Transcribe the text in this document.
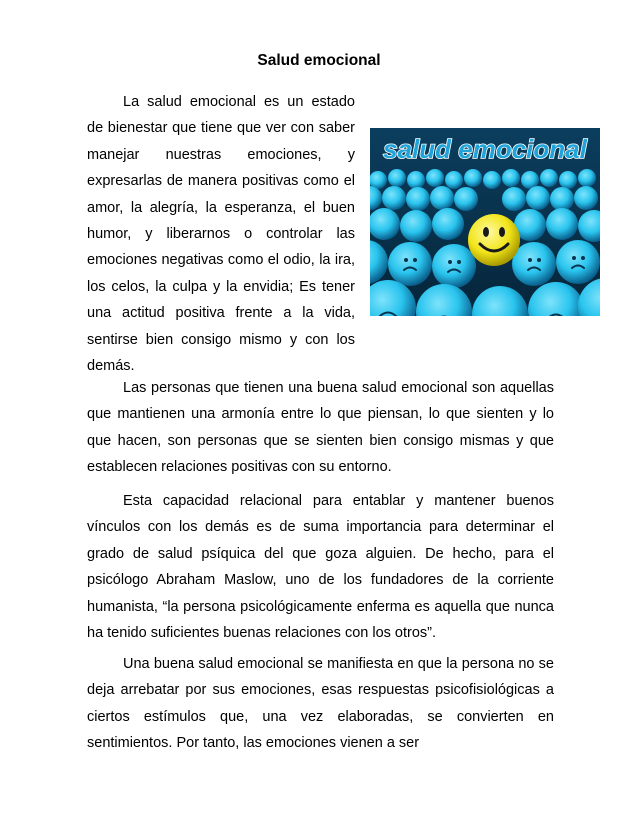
Salud emocional
La salud emocional es un estado de bienestar que tiene que ver con saber manejar nuestras emociones, y expresarlas de manera positivas como el amor, la alegría, la esperanza, el buen humor, y liberarnos o controlar las emociones negativas como el odio, la ira, los celos, la culpa y la envidia; Es tener una actitud positiva frente a la vida, sentirse bien consigo mismo y con los demás.
salud emocional
Las personas que tienen una buena salud emocional son aquellas que mantienen una armonía entre lo que piensan, lo que sienten y lo que hacen, son personas que se sienten bien consigo mismas y que establecen relaciones positivas con su entorno.
Esta capacidad relacional para entablar y mantener buenos vínculos con los demás es de suma importancia para determinar el grado de salud psíquica del que goza alguien. De hecho, para el psicólogo Abraham Maslow, uno de los fundadores de la corriente humanista, “la persona psicológicamente enferma es aquella que nunca ha tenido suficientes buenas relaciones con los otros”.
Una buena salud emocional se manifiesta en que la persona no se deja arrebatar por sus emociones, esas respuestas psicofisiológicas a ciertos estímulos que, una vez elaboradas, se convierten en sentimientos. Por tanto, las emociones vienen a ser
